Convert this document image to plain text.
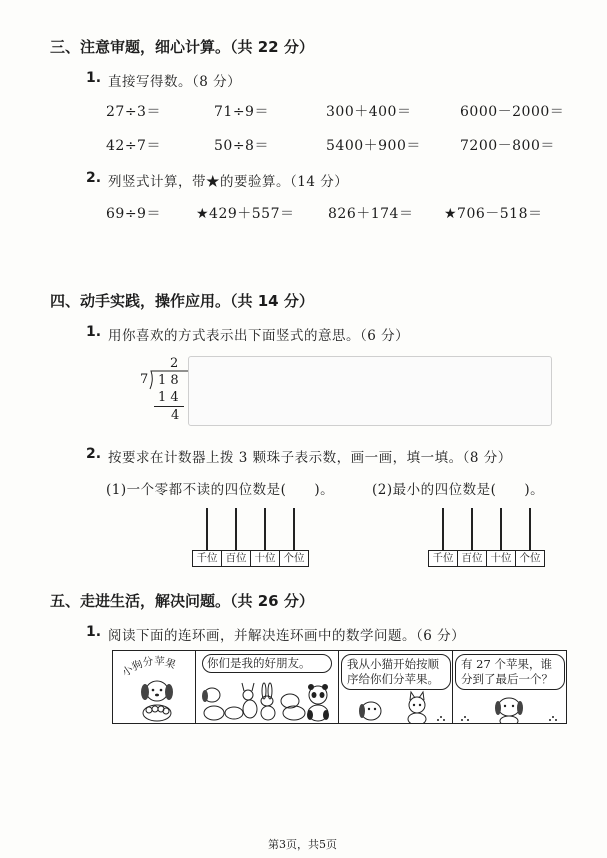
三、注意审题，细心计算。（共 22 分）
1. 直接写得数。（8 分）
27÷3＝	71÷9＝	300＋400＝	6000－2000＝
42÷7＝	50÷8＝	5400＋900＝	7200－800＝
2. 列竖式计算，带★的要验算。（14 分）
69÷9＝	★429＋557＝ 826＋174＝ ★706－518＝
四、动手实践，操作应用。（共 14 分）
1. 用你喜欢的方式表示出下面竖式的意思。（6 分）
2
7 1 8
1 4
4
2. 按要求在计数器上拨 3 颗珠子表示数，画一画，填一填。（8 分）
(1)一个零都不读的四位数是(　　)。	(2)最小的四位数是(　　)。
千位 百位 十位 个位	千位 百位 十位 个位
五、走进生活，解决问题。（共 26 分）
1. 阅读下面的连环画，并解决连环画中的数学问题。（6 分）
小狗分苹果	你们是我的好朋友。	我从小猫开始按顺序给你们分苹果。
有 27 个苹果，谁分到了最后一个？
第3页，共5页
